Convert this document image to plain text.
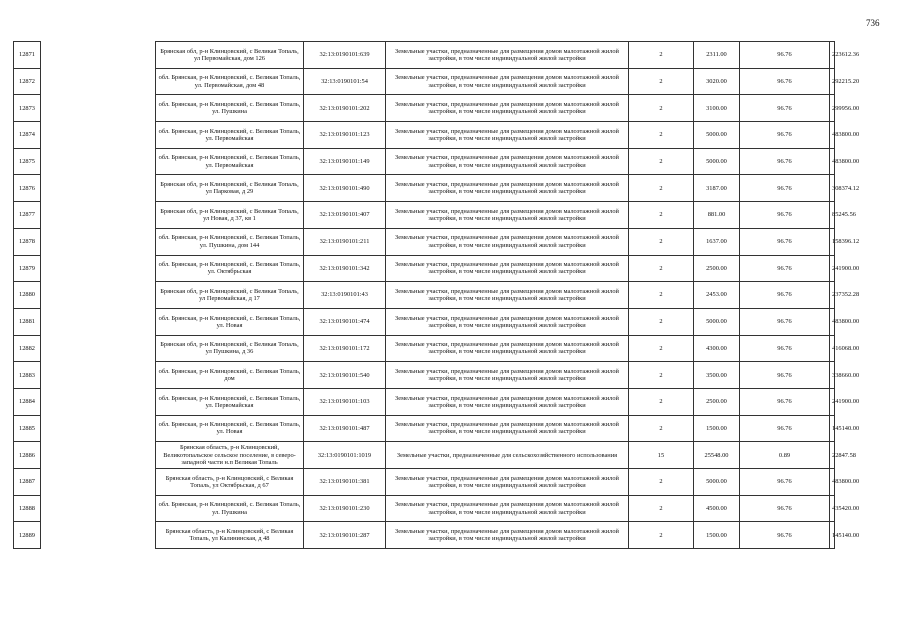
736
12871		Брянская обл, р-н Клинцовский, с Великая Топаль, ул Первомайская, дом 126	32:13:0190101:639	Земельные участки, предназначенные для размещения домов малоэтажной жилой застройки, в том числе индивидуальной жилой застройки	2	2311.00	96.76	223612.36
12872		обл. Брянская, р-н Клинцовский, с. Великая Топаль, ул. Первомайская, дом 48	32:13:0190101:54	Земельные участки, предназначенные для размещения домов малоэтажной жилой застройки, в том числе индивидуальной жилой застройки	2	3020.00	96.76	292215.20
12873		обл. Брянская, р-н Клинцовский, с. Великая Топаль, ул. Пушкина	32:13:0190101:202	Земельные участки, предназначенные для размещения домов малоэтажной жилой застройки, в том числе индивидуальной жилой застройки	2	3100.00	96.76	299956.00
12874		обл. Брянская, р-н Клинцовский, с. Великая Топаль, ул. Первомайская	32:13:0190101:123	Земельные участки, предназначенные для размещения домов малоэтажной жилой застройки, в том числе индивидуальной жилой застройки	2	5000.00	96.76	483800.00
12875		обл. Брянская, р-н Клинцовский, с. Великая Топаль, ул. Первомайская	32:13:0190101:149	Земельные участки, предназначенные для размещения домов малоэтажной жилой застройки, в том числе индивидуальной жилой застройки	2	5000.00	96.76	483800.00
12876		Брянская обл, р-н Клинцовский, с Великая Топаль, ул Парковая, д 29	32:13:0190101:490	Земельные участки, предназначенные для размещения домов малоэтажной жилой застройки, в том числе индивидуальной жилой застройки	2	3187.00	96.76	308374.12
12877		Брянская обл, р-н Клинцовский, с Великая Топаль, ул Новая, д 37, кв 1	32:13:0190101:407	Земельные участки, предназначенные для размещения домов малоэтажной жилой застройки, в том числе индивидуальной жилой застройки	2	881.00	96.76	85245.56
12878		обл. Брянская, р-н Клинцовский, с. Великая Топаль, ул. Пушкина, дом 144	32:13:0190101:211	Земельные участки, предназначенные для размещения домов малоэтажной жилой застройки, в том числе индивидуальной жилой застройки	2	1637.00	96.76	158396.12
12879		обл. Брянская, р-н Клинцовский, с. Великая Топаль, ул. Октябрьская	32:13:0190101:342	Земельные участки, предназначенные для размещения домов малоэтажной жилой застройки, в том числе индивидуальной жилой застройки	2	2500.00	96.76	241900.00
12880		Брянская обл, р-н Клинцовский, с Великая Топаль, ул Первомайская, д 17	32:13:0190101:43	Земельные участки, предназначенные для размещения домов малоэтажной жилой застройки, в том числе индивидуальной жилой застройки	2	2453.00	96.76	237352.28
12881		обл. Брянская, р-н Клинцовский, с. Великая Топаль, ул. Новая	32:13:0190101:474	Земельные участки, предназначенные для размещения домов малоэтажной жилой застройки, в том числе индивидуальной жилой застройки	2	5000.00	96.76	483800.00
12882		Брянская обл, р-н Клинцовский, с Великая Топаль, ул Пушкина, д 36	32:13:0190101:172	Земельные участки, предназначенные для размещения домов малоэтажной жилой застройки, в том числе индивидуальной жилой застройки	2	4300.00	96.76	416068.00
12883		обл. Брянская, р-н Клинцовский, с. Великая Топаль, дом	32:13:0190101:540	Земельные участки, предназначенные для размещения домов малоэтажной жилой застройки, в том числе индивидуальной жилой застройки	2	3500.00	96.76	338660.00
12884		обл. Брянская, р-н Клинцовский, с. Великая Топаль, ул. Первомайская	32:13:0190101:103	Земельные участки, предназначенные для размещения домов малоэтажной жилой застройки, в том числе индивидуальной жилой застройки	2	2500.00	96.76	241900.00
12885		обл. Брянская, р-н Клинцовский, с. Великая Топаль, ул. Новая	32:13:0190101:487	Земельные участки, предназначенные для размещения домов малоэтажной жилой застройки, в том числе индивидуальной жилой застройки	2	1500.00	96.76	145140.00
12886		Брянская область, р-н Клинцовский, Великотопальское сельское поселение, в северо-западной части н.п Великая Топаль	32:13:0190101:1019	Земельные участки, предназначенные для сельскохозяйственного использования	15	25548.00	0.89	22847.58
12887		Брянская область, р-н Клинцовский, с Великая Топаль, ул Октябрьская, д 67	32:13:0190101:381	Земельные участки, предназначенные для размещения домов малоэтажной жилой застройки, в том числе индивидуальной жилой застройки	2	5000.00	96.76	483800.00
12888		обл. Брянская, р-н Клинцовский, с. Великая Топаль, ул. Пушкина	32:13:0190101:230	Земельные участки, предназначенные для размещения домов малоэтажной жилой застройки, в том числе индивидуальной жилой застройки	2	4500.00	96.76	435420.00
12889		Брянская область, р-н Клинцовский, с Великая Топаль, ул Калининская, д 48	32:13:0190101:287	Земельные участки, предназначенные для размещения домов малоэтажной жилой застройки, в том числе индивидуальной жилой застройки	2	1500.00	96.76	145140.00
